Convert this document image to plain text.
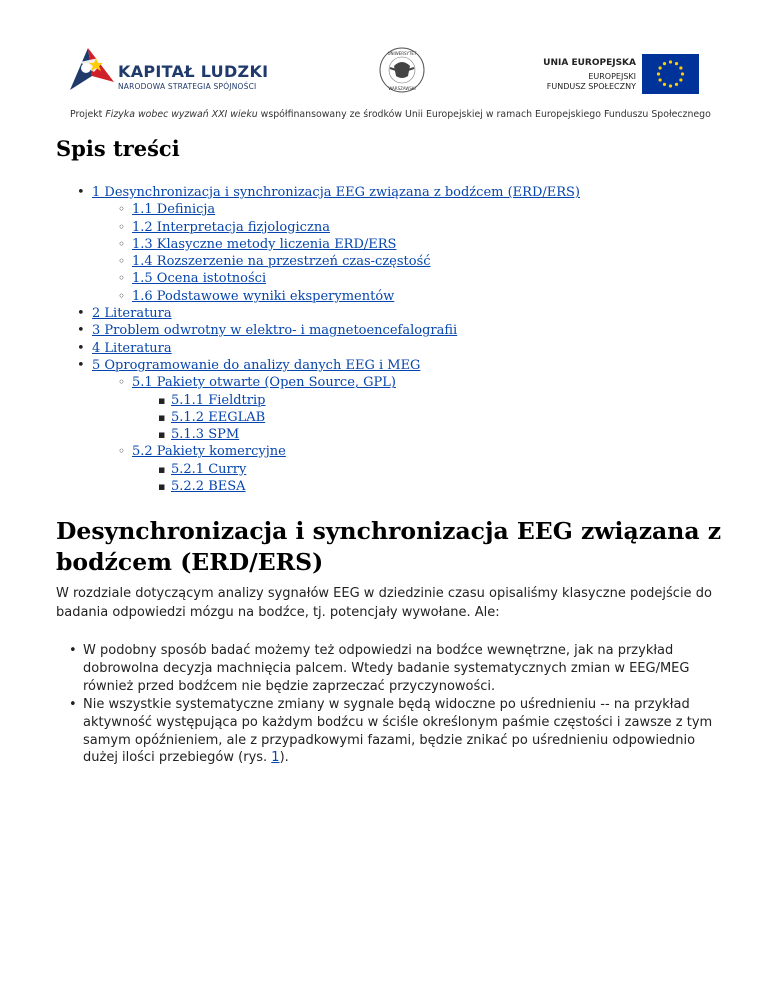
KAPITAŁ LUDZKI
NARODOWA STRATEGIA SPÓJNOŚCI
UNIWERSYTET
WARSZAWSKI
UNIA EUROPEJSKA
EUROPEJSKI
FUNDUSZ SPOŁECZNY
Projekt Fizyka wobec wyzwań XXI wieku współfinansowany ze środków Unii Europejskiej w ramach Europejskiego Funduszu Społecznego
Spis treści
• 1 Desynchronizacja i synchronizacja EEG związana z bodźcem (ERD/ERS)
◦ 1.1 Definicja
◦ 1.2 Interpretacja fizjologiczna
◦ 1.3 Klasyczne metody liczenia ERD/ERS
◦ 1.4 Rozszerzenie na przestrzeń czas-częstość
◦ 1.5 Ocena istotności
◦ 1.6 Podstawowe wyniki eksperymentów
• 2 Literatura
• 3 Problem odwrotny w elektro- i magnetoencefalografii
• 4 Literatura
• 5 Oprogramowanie do analizy danych EEG i MEG
◦ 5.1 Pakiety otwarte (Open Source, GPL)
▪ 5.1.1 Fieldtrip
▪ 5.1.2 EEGLAB
▪ 5.1.3 SPM
◦ 5.2 Pakiety komercyjne
▪ 5.2.1 Curry
▪ 5.2.2 BESA
Desynchronizacja i synchronizacja EEG związana z bodźcem (ERD/ERS)

W rozdziale dotyczącym analizy sygnałów EEG w dziedzinie czasu opisaliśmy klasyczne podejście do badania odpowiedzi mózgu na bodźce, tj. potencjały wywołane. Ale:

• W podobny sposób badać możemy też odpowiedzi na bodźce wewnętrzne, jak na przykład dobrowolna decyzja machnięcia palcem. Wtedy badanie systematycznych zmian w EEG/MEG również przed bodźcem nie będzie zaprzeczać przyczynowości.
• Nie wszystkie systematyczne zmiany w sygnale będą widoczne po uśrednieniu -- na przykład aktywność występująca po każdym bodźcu w ściśle określonym paśmie częstości i zawsze z tym samym opóźnieniem, ale z przypadkowymi fazami, będzie znikać po uśrednieniu odpowiednio dużej ilości przebiegów (rys. 1).
